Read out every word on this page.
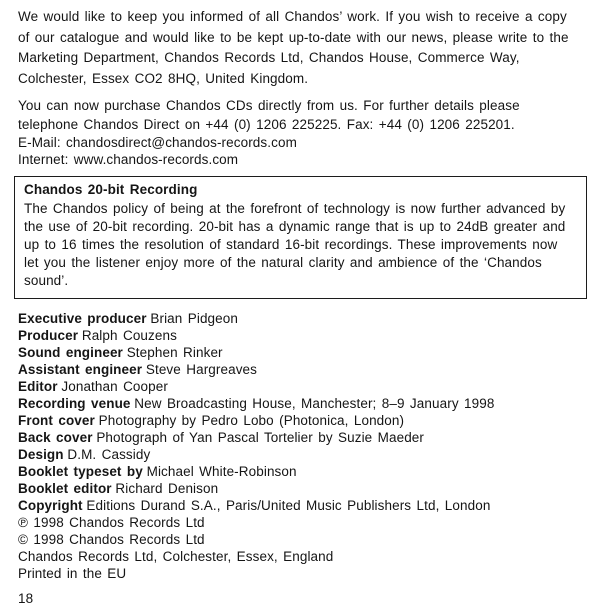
We would like to keep you informed of all Chandos’ work. If you wish to receive a copy of our catalogue and would like to be kept up-to-date with our news, please write to the Marketing Department, Chandos Records Ltd, Chandos House, Commerce Way, Colchester, Essex CO2 8HQ, United Kingdom.

You can now purchase Chandos CDs directly from us. For further details please telephone Chandos Direct on +44 (0) 1206 225225. Fax: +44 (0) 1206 225201.

E-Mail: chandosdirect@chandos-records.com
Internet: www.chandos-records.com
Chandos 20-bit Recording

The Chandos policy of being at the forefront of technology is now further advanced by the use of 20-bit recording. 20-bit has a dynamic range that is up to 24dB greater and up to 16 times the resolution of standard 16-bit recordings. These improvements now let you the listener enjoy more of the natural clarity and ambience of the ‘Chandos sound’.

Executive producer Brian Pidgeon
Producer Ralph Couzens
Sound engineer Stephen Rinker
Assistant engineer Steve Hargreaves
Editor Jonathan Cooper
Recording venue New Broadcasting House, Manchester; 8–9 January 1998
Front cover Photography by Pedro Lobo (Photonica, London)
Back cover Photograph of Yan Pascal Tortelier by Suzie Maeder
Design D.M. Cassidy
Booklet typeset by Michael White-Robinson
Booklet editor Richard Denison
Copyright Editions Durand S.A., Paris/United Music Publishers Ltd, London
℗ 1998 Chandos Records Ltd
© 1998 Chandos Records Ltd
Chandos Records Ltd, Colchester, Essex, England
Printed in the EU
18
